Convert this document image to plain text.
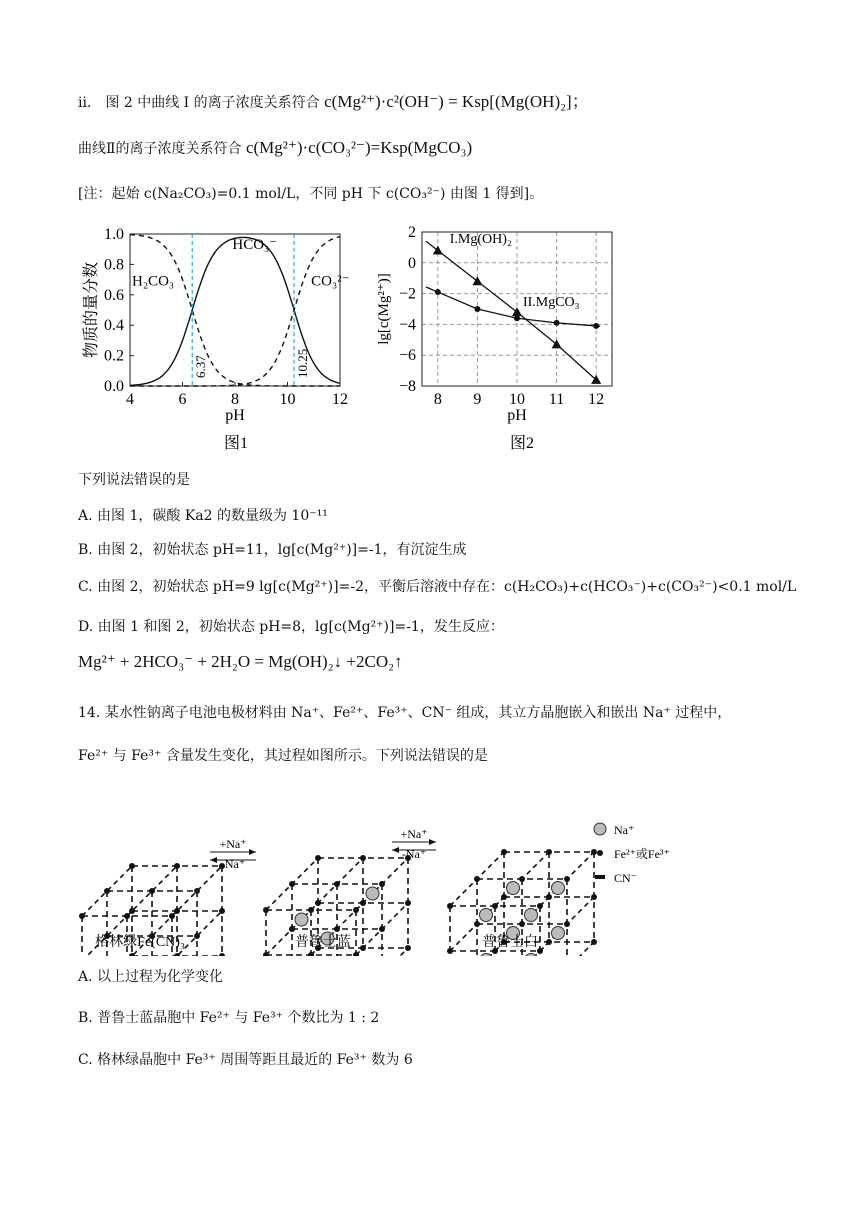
ii． 图 2 中曲线 I 的离子浓度关系符合 c(Mg²⁺)·c²(OH⁻) = Ksp[(Mg(OH)₂]；
曲线Ⅱ的离子浓度关系符合 c(Mg²⁺)·c(CO₃²⁻)=Ksp(MgCO₃)
[注：起始 c(Na₂CO₃)=0.1 mol/L，不同 pH 下 c(CO₃²⁻) 由图 1 得到]。
4	6	8	10 12
0.0
0.2
0.4
0.6
0.8
1.0
pH
物质的量分数
6.37	10.25
H₂CO₃
HCO₃⁻
CO₃²⁻
图1
8 9 10 11 12
2
0
−2
−4
−6
−8
pH
lg[c(Mg²⁺)]
I.Mg(OH)₂
II.MgCO₃
图2
下列说法错误的是
A. 由图 1，碳酸 Ka2 的数量级为 10⁻¹¹
B. 由图 2，初始状态 pH=11，lg[c(Mg²⁺)]=-1，有沉淀生成
C. 由图 2，初始状态 pH=9 lg[c(Mg²⁺)]=-2，平衡后溶液中存在：c(H₂CO₃)+c(HCO₃⁻)+c(CO₃²⁻)<0.1 mol/L
D. 由图 1 和图 2，初始状态 pH=8，lg[c(Mg²⁺)]=-1，发生反应：
Mg²⁺ + 2HCO₃⁻ + 2H₂O = Mg(OH)₂↓ +2CO₂↑
14. 某水性钠离子电池电极材料由 Na⁺、Fe²⁺、Fe³⁺、CN⁻ 组成，其立方晶胞嵌入和嵌出 Na⁺ 过程中，
Fe²⁺ 与 Fe³⁺ 含量发生变化，其过程如图所示。下列说法错误的是
格林绿Fe(CN)₃	普鲁士蓝	普鲁士白
+Na⁺
-Na⁺
+Na⁺
-Na⁺
Na⁺
Fe²⁺或Fe³⁺
CN⁻
A. 以上过程为化学变化
B. 普鲁士蓝晶胞中 Fe²⁺ 与 Fe³⁺ 个数比为 1 : 2
C. 格林绿晶胞中 Fe³⁺ 周围等距且最近的 Fe³⁺ 数为 6
